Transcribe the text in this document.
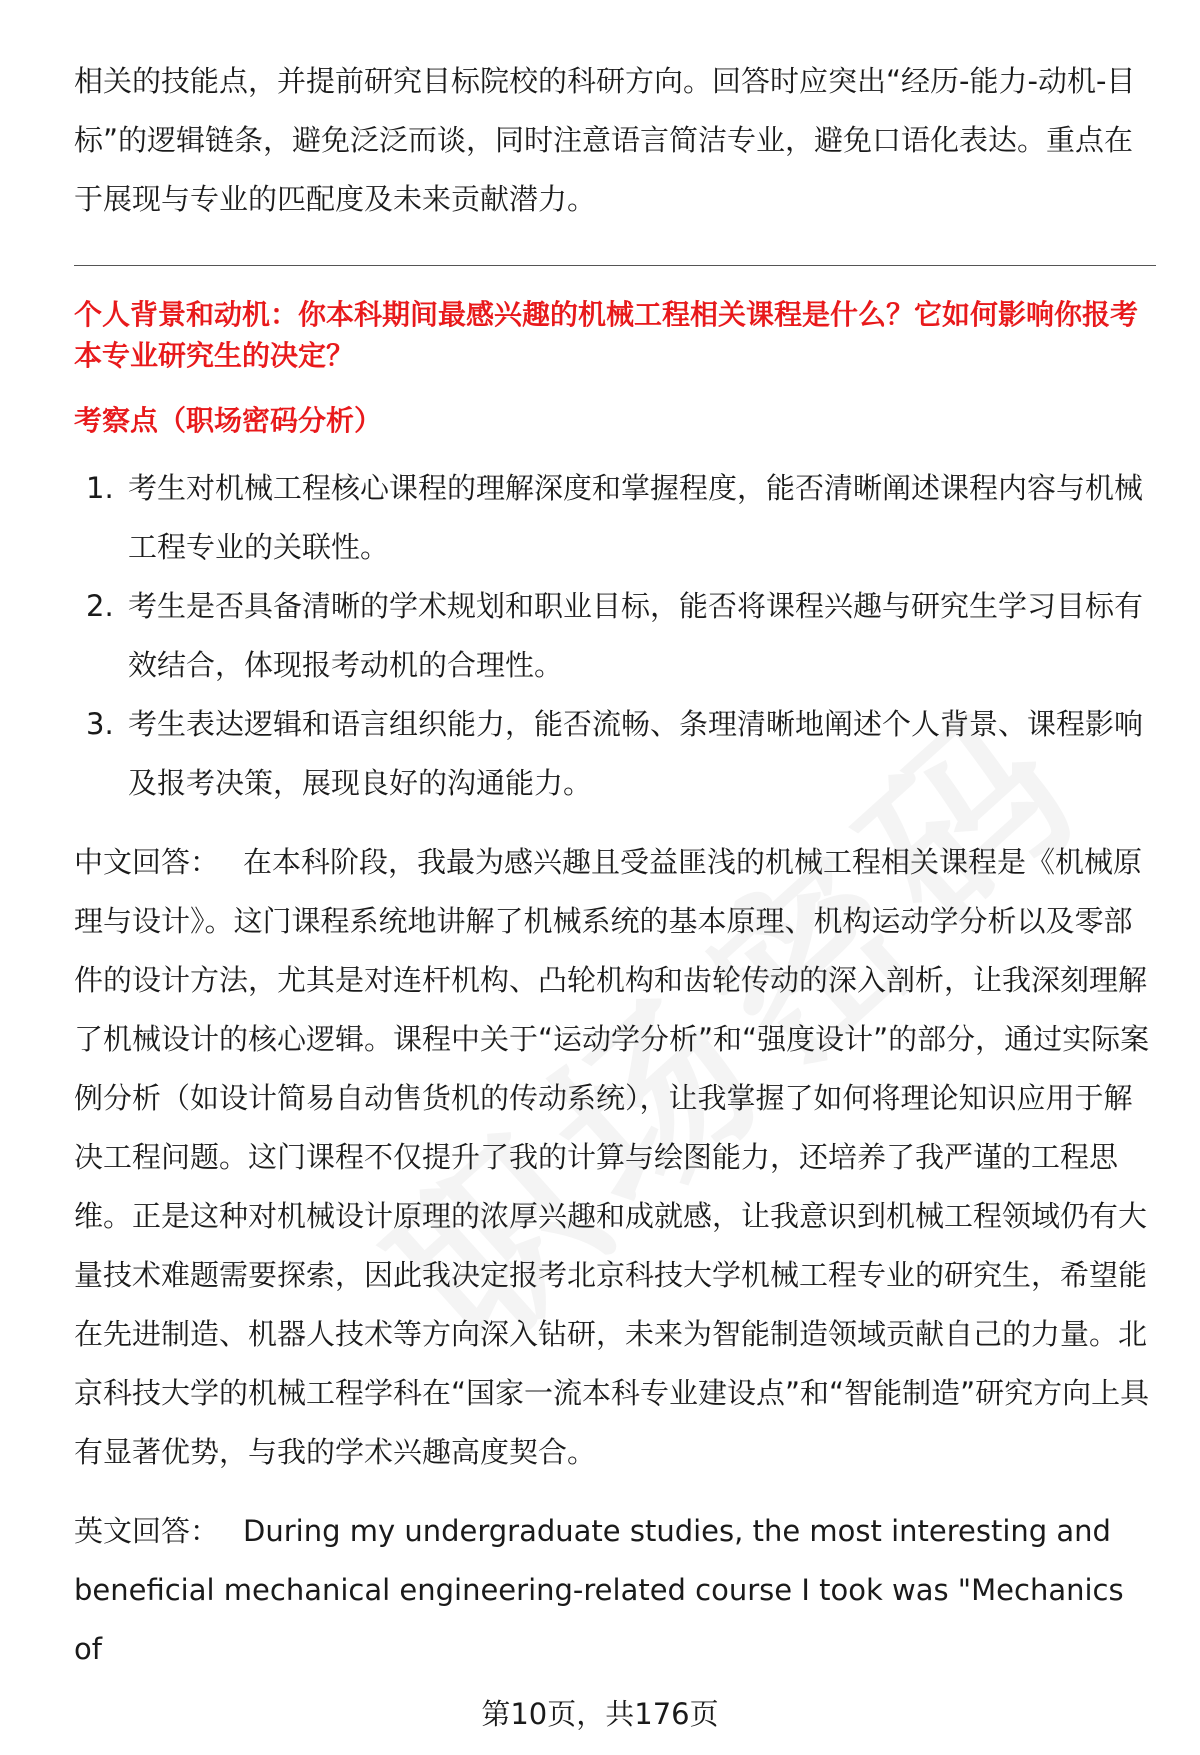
相关的技能点，并提前研究目标院校的科研方向。回答时应突出“经历-能力-动机-目标”的逻辑链条，避免泛泛而谈，同时注意语言简洁专业，避免口语化表达。重点在于展现与专业的匹配度及未来贡献潜力。

个人背景和动机：你本科期间最感兴趣的机械工程相关课程是什么？它如何影响你报考本专业研究生的决定？

考察点（职场密码分析）

1. 考生对机械工程核心课程的理解深度和掌握程度，能否清晰阐述课程内容与机械工程专业的关联性。
2. 考生是否具备清晰的学术规划和职业目标，能否将课程兴趣与研究生学习目标有效结合，体现报考动机的合理性。
3. 考生表达逻辑和语言组织能力，能否流畅、条理清晰地阐述个人背景、课程影响及报考决策，展现良好的沟通能力。

中文回答： 在本科阶段，我最为感兴趣且受益匪浅的机械工程相关课程是《机械原理与设计》。这门课程系统地讲解了机械系统的基本原理、机构运动学分析以及零部件的设计方法，尤其是对连杆机构、凸轮机构和齿轮传动的深入剖析，让我深刻理解了机械设计的核心逻辑。课程中关于“运动学分析”和“强度设计”的部分，通过实际案例分析（如设计简易自动售货机的传动系统），让我掌握了如何将理论知识应用于解决工程问题。这门课程不仅提升了我的计算与绘图能力，还培养了我严谨的工程思维。正是这种对机械设计原理的浓厚兴趣和成就感，让我意识到机械工程领域仍有大量技术难题需要探索，因此我决定报考北京科技大学机械工程专业的研究生，希望能在先进制造、机器人技术等方向深入钻研，未来为智能制造领域贡献自己的力量。北京科技大学的机械工程学科在“国家一流本科专业建设点”和“智能制造”研究方向上具有显著优势，与我的学术兴趣高度契合。

英文回答： During my undergraduate studies, the most interesting and beneficial mechanical engineering-related course I took was "Mechanics of

第10页，共176页
